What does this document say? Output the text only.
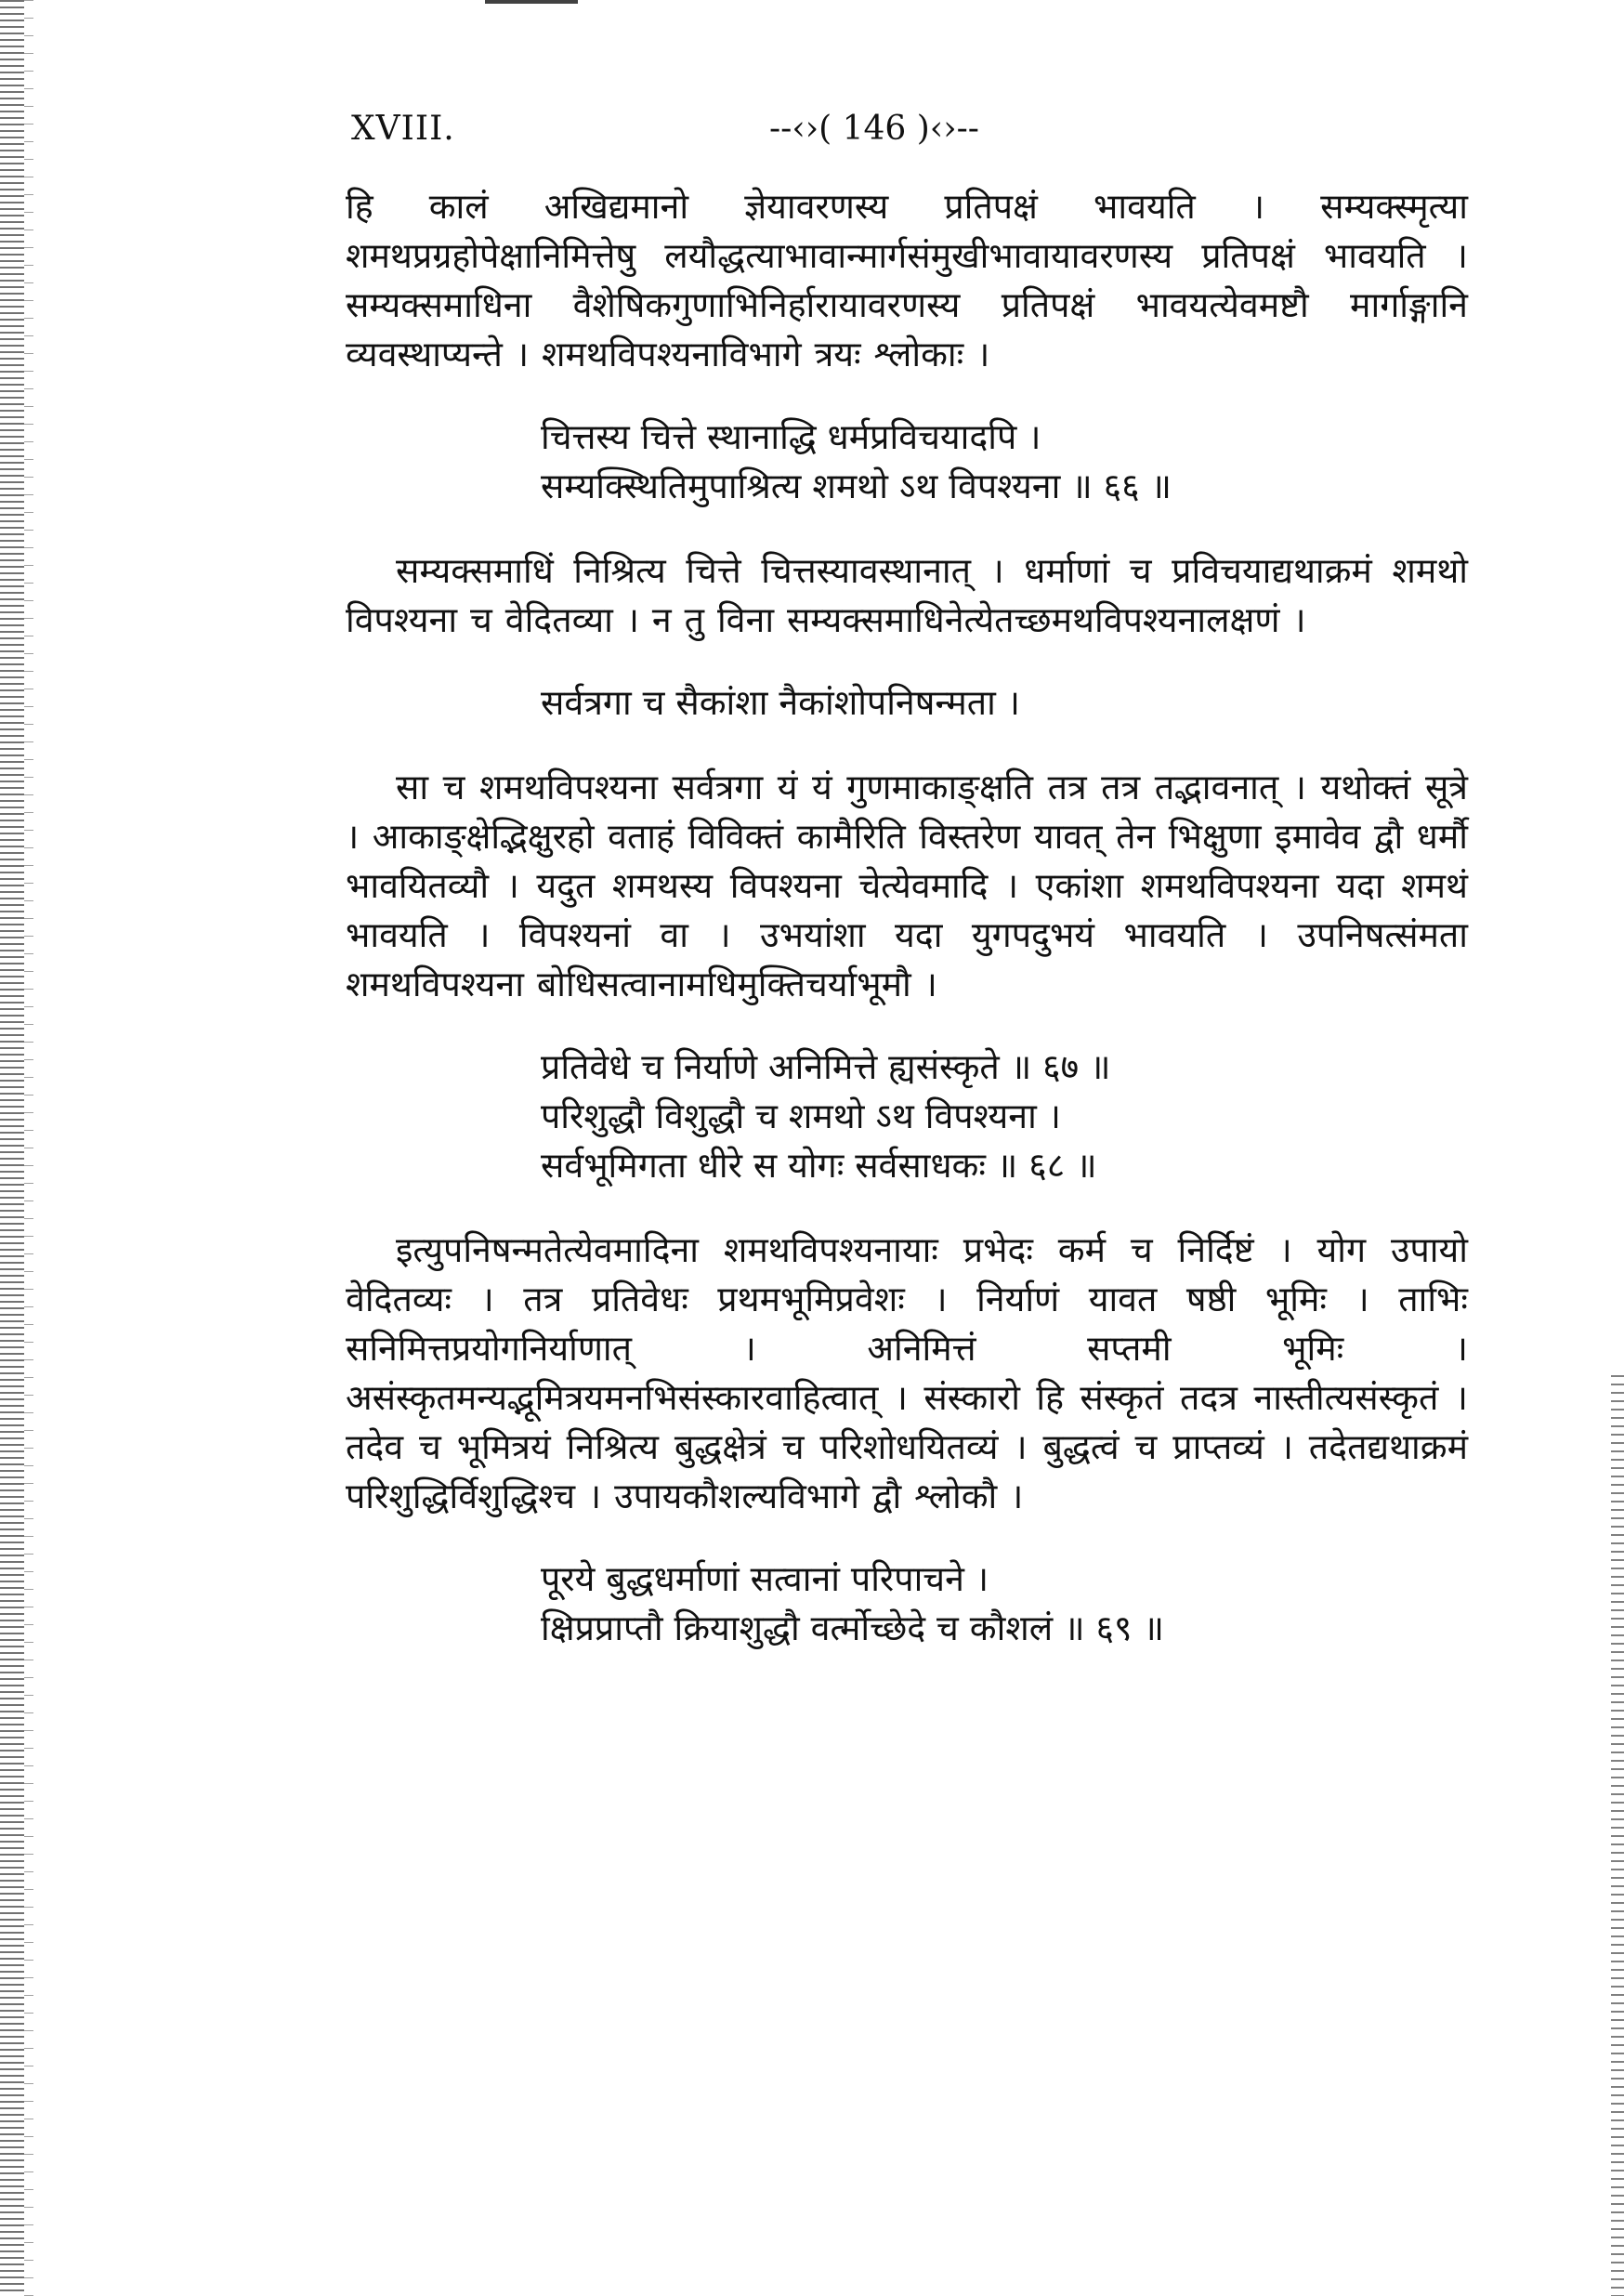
XVIII.	--‹›( 146 )‹›--

हि कालं अखिद्यमानो ज्ञेयावरणस्य प्रतिपक्षं भावयति । सम्यक्स्मृत्या शमथप्रग्रहोपेक्षानिमित्तेषु लयौद्धत्याभावान्मार्गसंमुखीभावायावरणस्य प्रतिपक्षं भावयति । सम्यक्समाधिना वैशेषिकगुणाभिनिर्हारायावरणस्य प्रतिपक्षं भावयत्येवमष्टौ मार्गाङ्गानि व्यवस्थाप्यन्ते । शमथविपश्यनाविभागे त्रयः श्लोकाः ।

चित्तस्य चित्ते स्थानाद्धि धर्मप्रविचयादपि ।
सम्यक्स्थितिमुपाश्रित्य शमथो ऽथ विपश्यना ॥ ६६ ॥

सम्यक्समाधिं निश्रित्य चित्ते चित्तस्यावस्थानात् । धर्माणां च प्रविचयाद्यथाक्रमं शमथो विपश्यना च वेदितव्या । न तु विना सम्यक्समाधिनेत्येतच्छमथविपश्यनालक्षणं ।

सर्वत्रगा च सैकांशा नैकांशोपनिषन्मता ।

सा च शमथविपश्यना सर्वत्रगा यं यं गुणमाकाङ्क्षति तत्र तत्र तद्भावनात् । यथोक्तं सूत्रे । आकाङ्क्षेद्भिक्षुरहो वताहं विविक्तं कामैरिति विस्तरेण यावत् तेन भिक्षुणा इमावेव द्वौ धर्मौ भावयितव्यौ । यदुत शमथस्य विपश्यना चेत्येवमादि । एकांशा शमथविपश्यना यदा शमथं भावयति । विपश्यनां वा । उभयांशा यदा युगपदुभयं भावयति । उपनिषत्संमता शमथविपश्यना बोधिसत्वानामधिमुक्तिचर्याभूमौ ।

प्रतिवेधे च निर्याणे अनिमित्ते ह्यसंस्कृते ॥ ६७ ॥
परिशुद्धौ विशुद्धौ च शमथो ऽथ विपश्यना ।
सर्वभूमिगता धीरे स योगः सर्वसाधकः ॥ ६८ ॥

इत्युपनिषन्मतेत्येवमादिना शमथविपश्यनायाः प्रभेदः कर्म च निर्दिष्टं । योग उपायो वेदितव्यः । तत्र प्रतिवेधः प्रथमभूमिप्रवेशः । निर्याणं यावत षष्ठी भूमिः । ताभिः सनिमित्तप्रयोगनिर्याणात् । अनिमित्तं सप्तमी भूमिः । असंस्कृतमन्यद्भूमित्रयमनभिसंस्कारवाहित्वात् । संस्कारो हि संस्कृतं तदत्र नास्तीत्यसंस्कृतं । तदेव च भूमित्रयं निश्रित्य बुद्धक्षेत्रं च परिशोधयितव्यं । बुद्धत्वं च प्राप्तव्यं । तदेतद्यथाक्रमं परिशुद्धिर्विशुद्धिश्च । उपायकौशल्यविभागे द्वौ श्लोकौ ।

पूरये बुद्धधर्माणां सत्वानां परिपाचने ।
क्षिप्रप्राप्तौ क्रियाशुद्धौ वर्त्मोच्छेदे च कौशलं ॥ ६९ ॥
